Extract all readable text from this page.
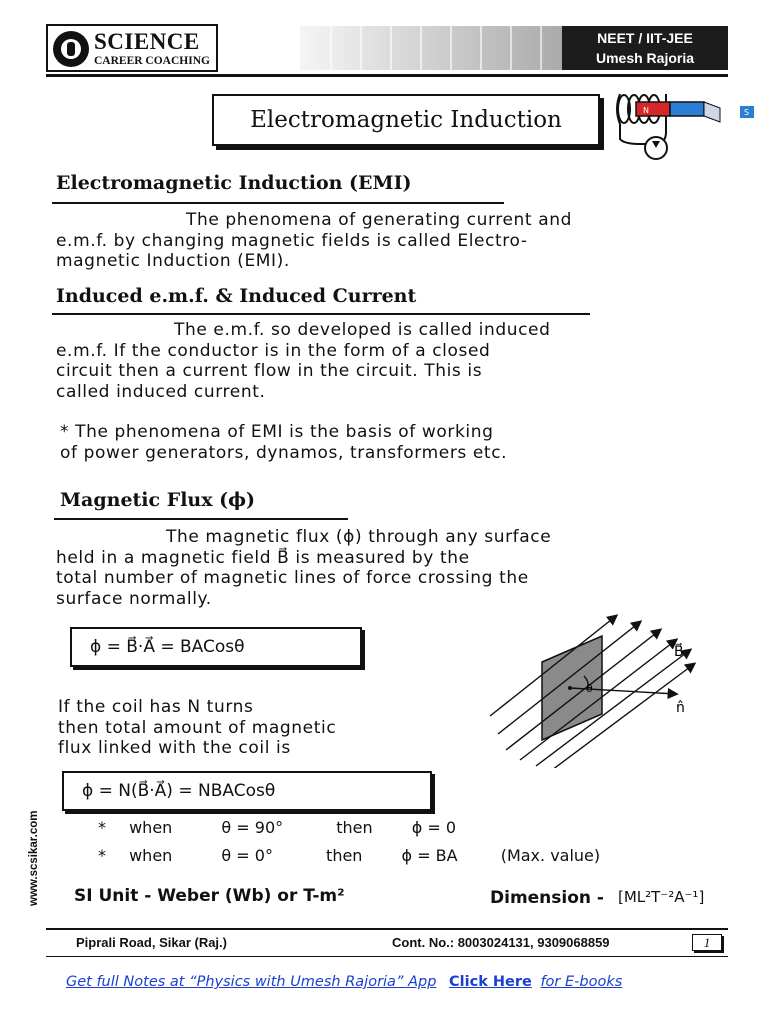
SCIENCE
CAREER COACHING
NEET / IIT-JEE
Umesh Rajoria
Electromagnetic Induction	N	S
Electromagnetic Induction (EMI)
The phenomena of generating current and
e.m.f. by changing magnetic fields is called Electro-
magnetic Induction (EMI).
Induced e.m.f. & Induced Current
The e.m.f. so developed is called induced
e.m.f. If the conductor is in the form of a closed
circuit then a current flow in the circuit. This is
called induced current.
* The phenomena of EMI is the basis of working
of power generators, dynamos, transformers etc.
Magnetic Flux (ϕ)
The magnetic flux (ϕ) through any surface
held in a magnetic field B⃗ is measured by the
total number of magnetic lines of force crossing the
surface normally.
ϕ = B⃗·A⃗ = BACosθ
If the coil has N turns
then total amount of magnetic
flux linked with the coil is
B⃗
n̂
θ
ϕ = N(B⃗·A⃗) = NBACosθ
* when	θ = 90°	then ϕ = 0
* when	θ = 0°	then ϕ = BA	(Max. value)
SI Unit - Weber (Wb) or T-m²	Dimension - [ML²T⁻²A⁻¹]
www.scsikar.com
Piprali Road, Sikar (Raj.)	Cont. No.: 8003024131, 9309068859	1
Get full Notes at “Physics with Umesh Rajoria” App Click Here for E-books
